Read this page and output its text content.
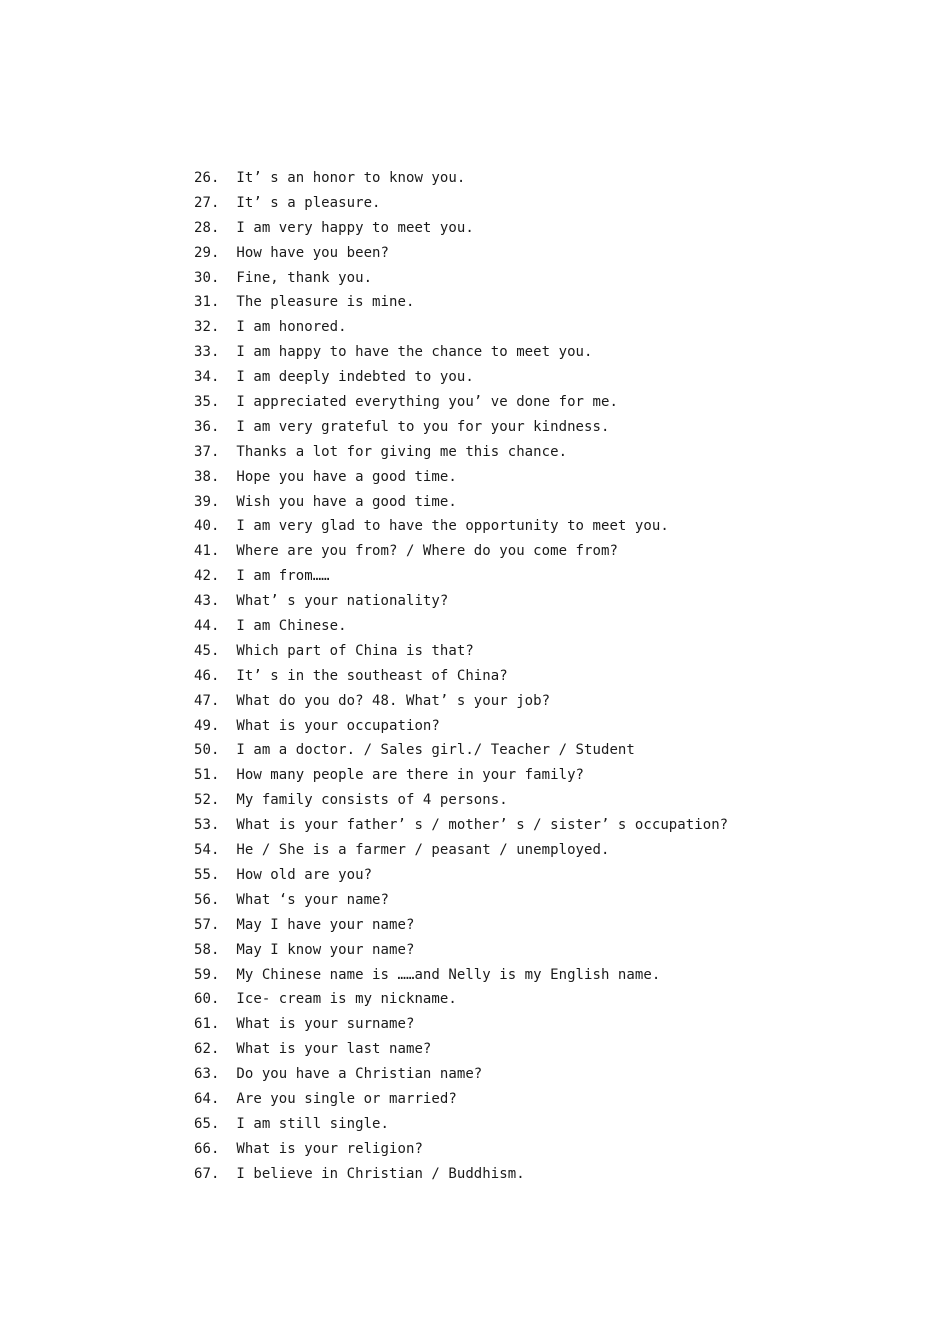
26.  It’ s an honor to know you.
27.  It’ s a pleasure.
28.  I am very happy to meet you.
29.  How have you been?
30.  Fine, thank you.
31.  The pleasure is mine.
32.  I am honored.
33.  I am happy to have the chance to meet you.
34.  I am deeply indebted to you.
35.  I appreciated everything you’ ve done for me.
36.  I am very grateful to you for your kindness.
37.  Thanks a lot for giving me this chance.
38.  Hope you have a good time.
39.  Wish you have a good time.
40.  I am very glad to have the opportunity to meet you.
41.  Where are you from? / Where do you come from?
42.  I am from……
43.  What’ s your nationality?
44.  I am Chinese.
45.  Which part of China is that?
46.  It’ s in the southeast of China?
47.  What do you do? 48. What’ s your job?
49.  What is your occupation?
50.  I am a doctor. / Sales girl./ Teacher / Student
51.  How many people are there in your family?
52.  My family consists of 4 persons.
53.  What is your father’ s / mother’ s / sister’ s occupation?
54.  He / She is a farmer / peasant / unemployed.
55.  How old are you?
56.  What ‘s your name?
57.  May I have your name?
58.  May I know your name?
59.  My Chinese name is ……and Nelly is my English name.
60.  Ice- cream is my nickname.
61.  What is your surname?
62.  What is your last name?
63.  Do you have a Christian name?
64.  Are you single or married?
65.  I am still single.
66.  What is your religion?
67.  I believe in Christian / Buddhism.
